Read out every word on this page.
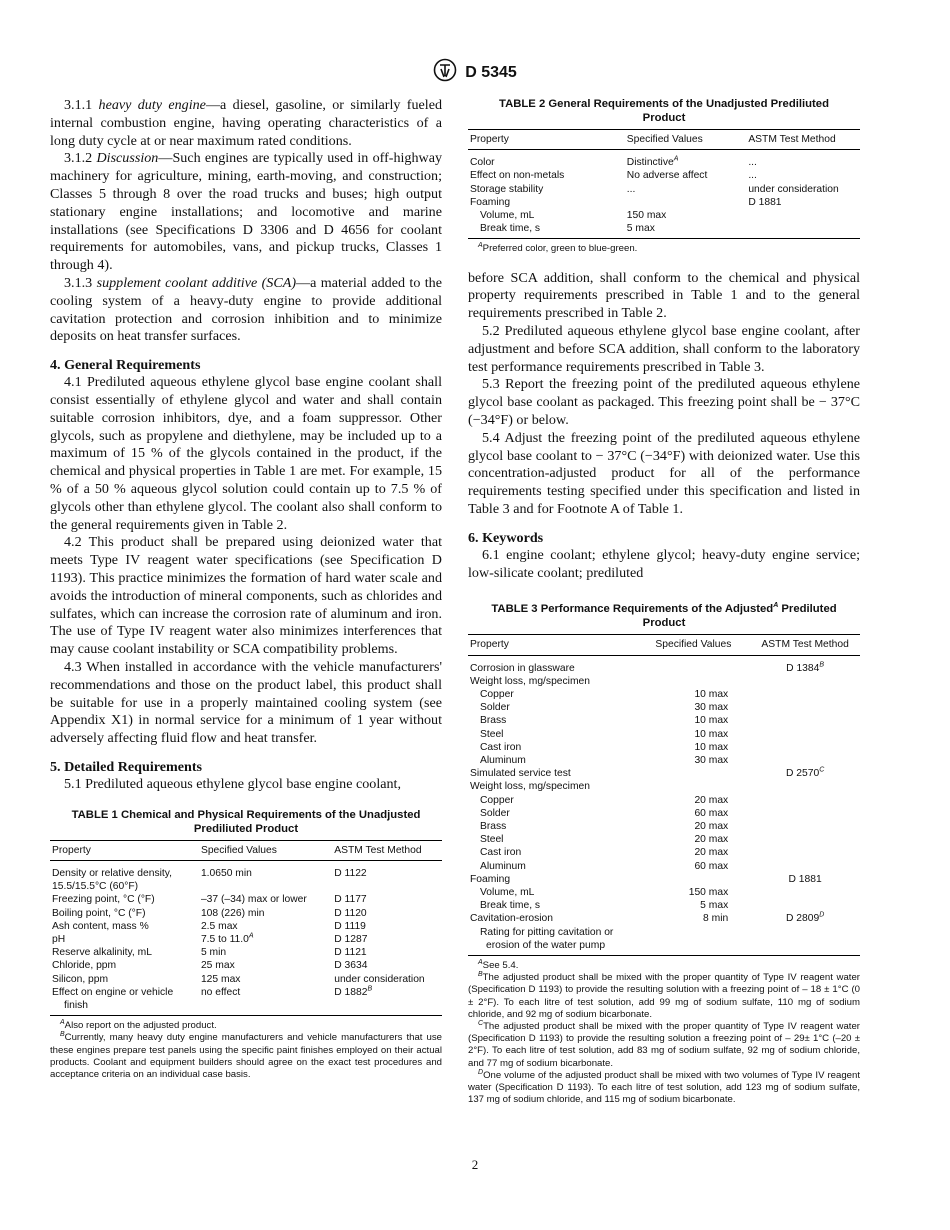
D 5345

3.1.1 heavy duty engine—a diesel, gasoline, or similarly fueled internal combustion engine, having operating characteristics of a long duty cycle at or near maximum rated conditions.

3.1.2 Discussion—Such engines are typically used in off-highway machinery for agriculture, mining, earth-moving, and construction; Classes 5 through 8 over the road trucks and buses; high output stationary engine installations; and locomotive and marine installations (see Specifications D 3306 and D 4656 for coolant requirements for automobiles, vans, and pickup trucks, Classes 1 through 4).

3.1.3 supplement coolant additive (SCA)—a material added to the cooling system of a heavy-duty engine to provide additional cavitation protection and corrosion inhibition and to minimize deposits on heat transfer surfaces.

4. General Requirements

4.1 Prediluted aqueous ethylene glycol base engine coolant shall consist essentially of ethylene glycol and water and shall contain suitable corrosion inhibitors, dye, and a foam suppressor. Other glycols, such as propylene and diethylene, may be included up to a maximum of 15 % of the glycols contained in the product, if the chemical and physical properties in Table 1 are met. For example, 15 % of a 50 % aqueous glycol solution could contain up to 7.5 % of glycols other than ethylene glycol. The coolant also shall conform to the general requirements given in Table 2.

4.2 This product shall be prepared using deionized water that meets Type IV reagent water specifications (see Specification D 1193). This practice minimizes the formation of hard water scale and avoids the introduction of mineral components, such as chlorides and sulfates, which can increase the corrosion rate of aluminum and iron. The use of Type IV reagent water also minimizes interferences that may cause coolant instability or SCA compatibility problems.

4.3 When installed in accordance with the vehicle manufacturers' recommendations and those on the product label, this product shall be suitable for use in a properly maintained cooling system (see Appendix X1) in normal service for a minimum of 1 year without adversely affecting fluid flow and heat transfer.

5. Detailed Requirements

5.1 Prediluted aqueous ethylene glycol base engine coolant,

TABLE 1 Chemical and Physical Requirements of the Unadjusted Prediliuted Product
Property	Specified Values	ASTM Test Method
Density or relative density, 15.5/15.5°C (60°F)	1.0650 min	D 1122
Freezing point, °C (°F)	–37 (–34) max or lower	D 1177
Boiling point, °C (°F)	108 (226) min	D 1120
Ash content, mass %	2.5 max	D 1119
pH	7.5 to $11.0^A$	D 1287
Reserve alkalinity, mL	5 min	D 1121
Chloride, ppm	25 max	D 3634
Silicon, ppm	125 max	under consideration
Effect on engine or vehicle
finish	no effect	D $1882^B$
$^A$Also report on the adjusted product.
$^B$Currently, many heavy duty engine manufacturers and vehicle manufacturers that use these engines prepare test panels using the specific paint finishes employed on their actual products. Coolant and equipment builders should agree on the exact test procedures and acceptance criteria on an individual case basis.
TABLE 2 General Requirements of the Unadjusted Prediliuted Product
Property	Specified Values	ASTM Test Method
Color	Distinctive$^A$	...
Effect on non-metals	No adverse affect	...
Storage stability	...	under consideration
Foaming		D 1881
Volume, mL	150 max	
Break time, s	5 max	
$^A$Preferred color, green to blue-green.

before SCA addition, shall conform to the chemical and physical property requirements prescribed in Table 1 and to the general requirements prescribed in Table 2.

5.2 Prediluted aqueous ethylene glycol base engine coolant, after adjustment and before SCA addition, shall conform to the laboratory test performance requirements prescribed in Table 3.

5.3 Report the freezing point of the prediluted aqueous ethylene glycol base coolant as packaged. This freezing point shall be − 37°C (−34°F) or below.

5.4 Adjust the freezing point of the prediluted aqueous ethylene glycol base coolant to − 37°C (−34°F) with deionized water. Use this concentration-adjusted product for all of the performance requirements testing specified under this specification and listed in Table 3 and for Footnote A of Table 1.

6. Keywords

6.1 engine coolant; ethylene glycol; heavy-duty engine service; low-silicate coolant; prediluted

TABLE 3 Performance Requirements of the Adjusted$^A$ Prediluted Product
Property	Specified Values	ASTM Test Method
Corrosion in glassware		D $1384^B$
Weight loss, mg/specimen		
Copper	10 max	
Solder	30 max	
Brass	10 max	
Steel	10 max	
Cast iron	10 max	
Aluminum	30 max	
Simulated service test		D $2570^C$
Weight loss, mg/specimen		
Copper	20 max	
Solder	60 max	
Brass	20 max	
Steel	20 max	
Cast iron	20 max	
Aluminum	60 max	
Foaming		D 1881
Volume, mL	150 max	
Break time, s	5 max	
Cavitation-erosion	8 min	D $2809^D$
Rating for pitting cavitation or		
erosion of the water pump		
$^A$See 5.4.
$^B$The adjusted product shall be mixed with the proper quantity of Type IV reagent water (Specification D 1193) to provide the resulting solution with a freezing point of – 18 ± 1°C (0 ± 2°F). To each litre of test solution, add 99 mg of sodium sulfate, 110 mg of sodium chloride, and 92 mg of sodium bicarbonate.
$^C$The adjusted product shall be mixed with the proper quantity of Type IV reagent water (Specification D 1193) to provide the resulting solution a freezing point of – 29± 1°C (–20 ± 2°F). To each litre of test solution, add 83 mg of sodium sulfate, 92 mg of sodium chloride, and 77 mg of sodium bicarbonate.
$^D$One volume of the adjusted product shall be mixed with two volumes of Type IV reagent water (Specification D 1193). To each litre of test solution, add 123 mg of sodium sulfate, 137 mg of sodium chloride, and 115 mg of sodium bicarbonate.
2
